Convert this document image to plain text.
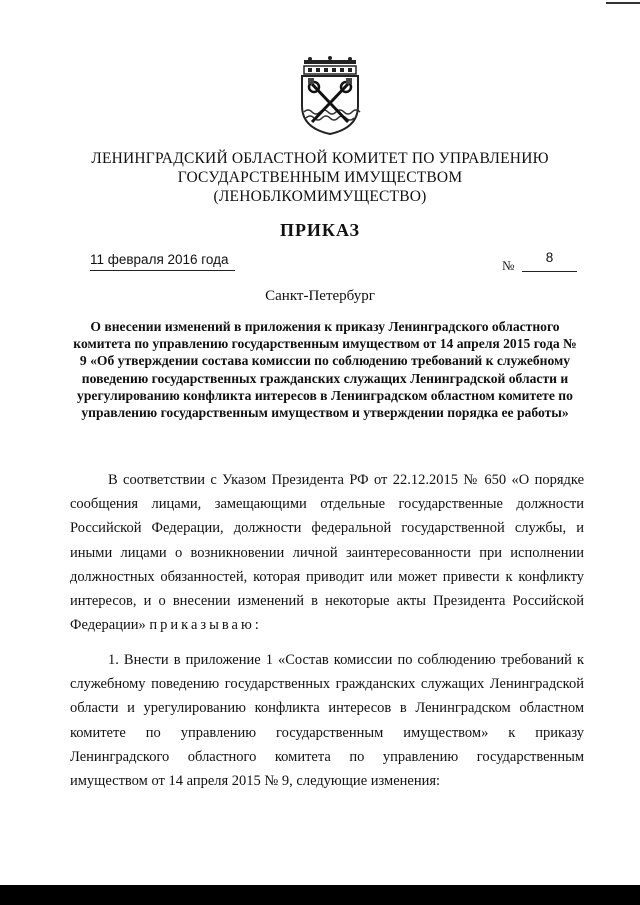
ЛЕНИНГРАДСКИЙ ОБЛАСТНОЙ КОМИТЕТ ПО УПРАВЛЕНИЮ
ГОСУДАРСТВЕННЫМ ИМУЩЕСТВОМ
(ЛЕНОБЛКОМИМУЩЕСТВО)
ПРИКАЗ
11 февраля 2016 года	№
8
Санкт-Петербург
О внесении изменений в приложения к приказу Ленинградского областного комитета по управлению государственным имуществом от 14 апреля 2015 года № 9 «Об утверждении состава комиссии по соблюдению требований к служебному поведению государственных гражданских служащих Ленинградской области и урегулированию конфликта интересов в Ленинградском областном комитете по управлению государственным имуществом и утверждении порядка ее работы»
В соответствии с Указом Президента РФ от 22.12.2015 № 650 «О порядке сообщения лицами, замещающими отдельные государственные должности Российской Федерации, должности федеральной государственной службы, и иными лицами о возникновении личной заинтересованности при исполнении должностных обязанностей, которая приводит или может привести к конфликту интересов, и о внесении изменений в некоторые акты Президента Российской Федерации» приказываю:
1. Внести в приложение 1 «Состав комиссии по соблюдению требований к служебному поведению государственных гражданских служащих Ленинградской области и урегулированию конфликта интересов в Ленинградском областном комитете по управлению государственным имуществом» к приказу Ленинградского областного комитета по управлению государственным имуществом от 14 апреля 2015 № 9, следующие изменения:
